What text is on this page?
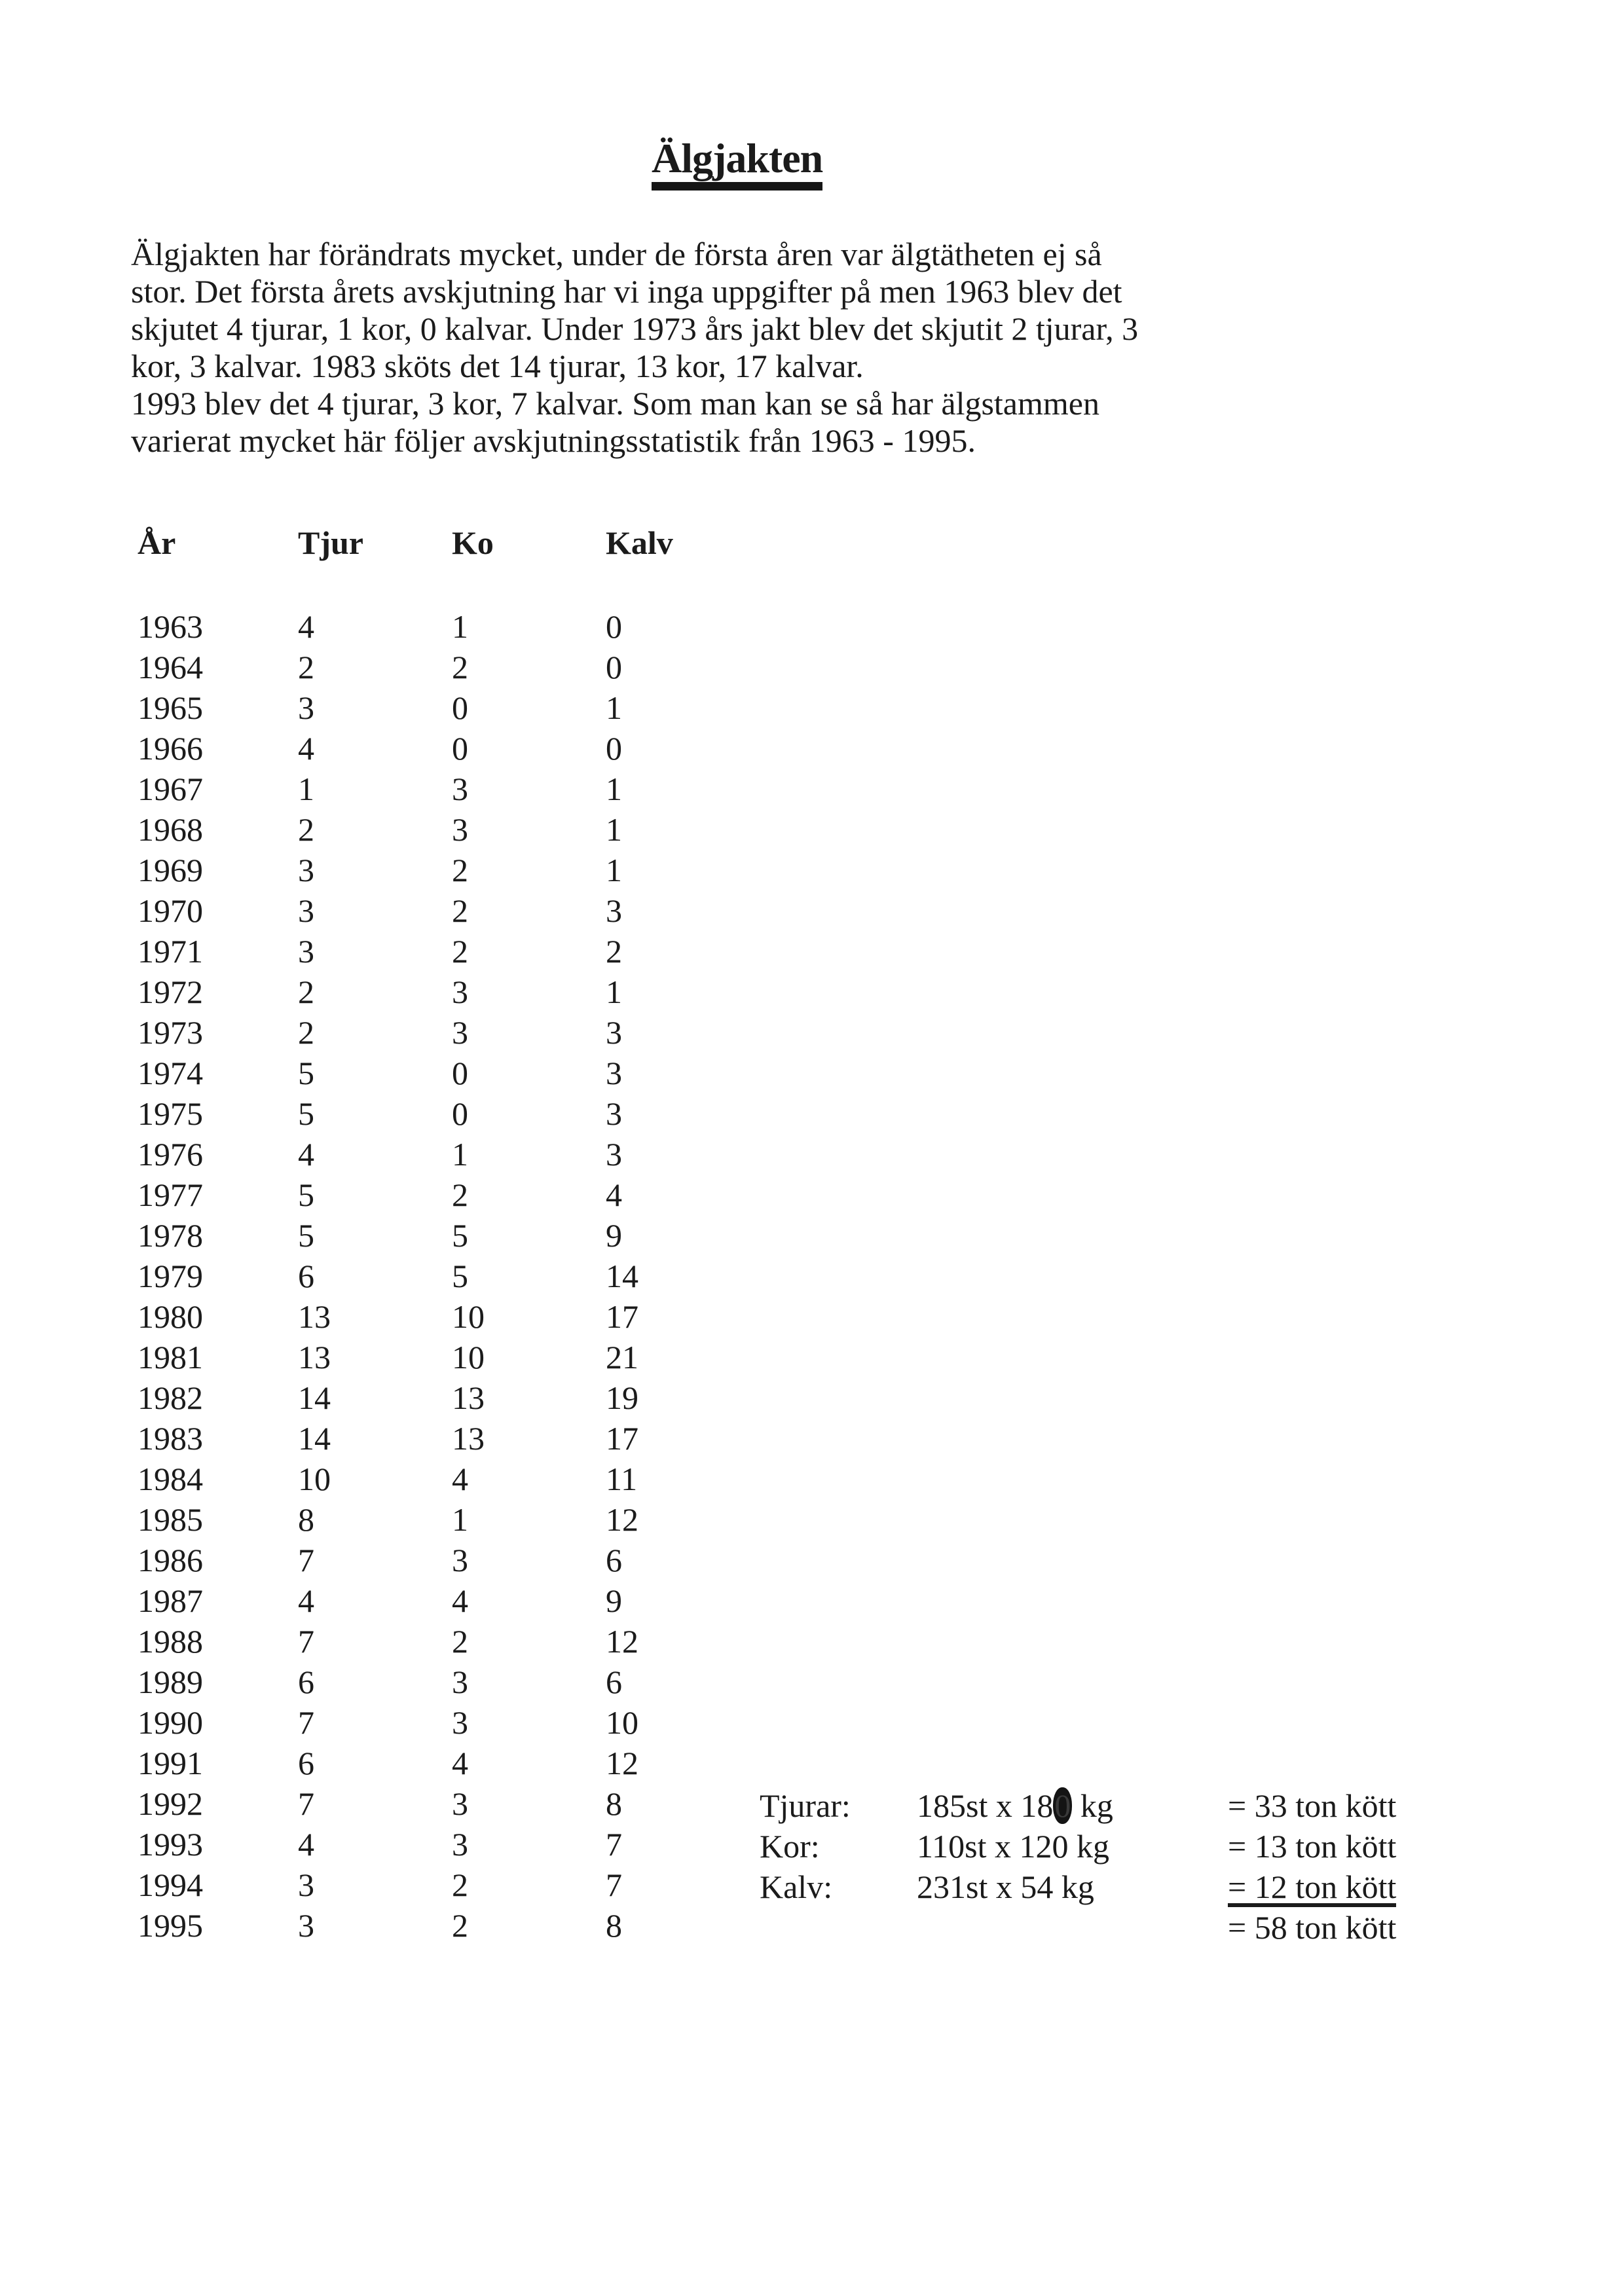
Älgjakten
Älgjakten har förändrats mycket, under de första åren var älgtätheten ej så
stor. Det första årets avskjutning har vi inga uppgifter på men 1963 blev det
skjutet 4 tjurar, 1 kor, 0 kalvar. Under 1973 års jakt blev det skjutit 2 tjurar, 3
kor, 3 kalvar. 1983 sköts det 14 tjurar, 13 kor, 17 kalvar.
1993 blev det 4 tjurar, 3 kor, 7 kalvar. Som man kan se så har älgstammen
varierat mycket här följer avskjutningsstatistik från 1963 - 1995.
År	Tjur	Ko	Kalv
1963	4	1	0
1964	2	2	0
1965	3	0	1
1966	4	0	0
1967	1	3	1
1968	2	3	1
1969	3	2	1
1970	3	2	3
1971	3	2	2
1972	2	3	1
1973	2	3	3
1974	5	0	3
1975	5	0	3
1976	4	1	3
1977	5	2	4
1978	5	5	9
1979	6	5	14
1980	13	10	17
1981	13	10	21
1982	14	13	19
1983	14	13	17
1984	10	4	11
1985	8	1	12
1986	7	3	6
1987	4	4	9
1988	7	2	12
1989	6	3	6
1990	7	3	10
1991	6	4	12
1992	7	3	8
1993	4	3	7
1994	3	2	7
1995	3	2	8
Tjurar:	185st x 180 kg	= 33 ton kött
Kor:	110st x 120 kg	= 13 ton kött
Kalv:	231st x 54 kg	= 12 ton kött
= 58 ton kött
